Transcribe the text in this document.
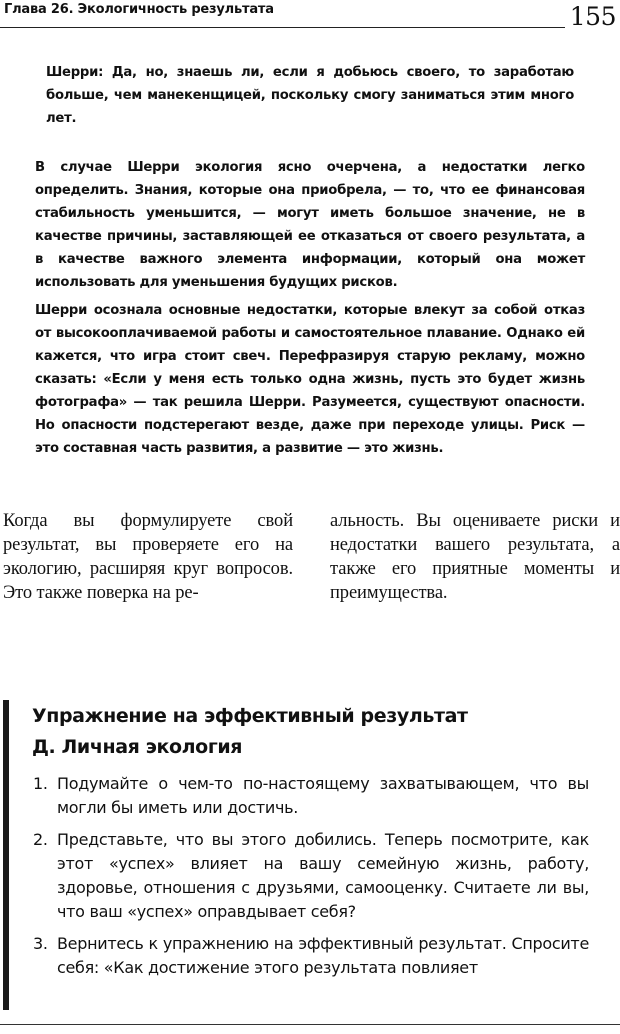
Глава 26. Экологичность результата	155
Шерри: Да, но, знаешь ли, если я добьюсь своего, то заработаю больше, чем манекенщицей, поскольку смогу заниматься этим много лет.
В случае Шерри экология ясно очерчена, а недостатки легко определить. Знания, которые она приобрела, — то, что ее финансовая стабильность уменьшится, — могут иметь большое значение, не в качестве причины, заставляющей ее отказаться от своего результата, а в качестве важного элемента информации, который она может использовать для уменьшения будущих рисков.
Шерри осознала основные недостатки, которые влекут за собой отказ от высокооплачиваемой работы и самостоятельное плавание. Однако ей кажется, что игра стоит свеч. Перефразируя старую рекламу, можно сказать: «Если у меня есть только одна жизнь, пусть это будет жизнь фотографа» — так решила Шерри. Разумеется, существуют опасности. Но опасности подстерегают везде, даже при переходе улицы. Риск — это составная часть развития, а развитие — это жизнь.
Когда вы формулируете свой результат, вы проверяете его на экологию, расширяя круг вопросов. Это также поверка на ре-
альность. Вы оцениваете риски и недостатки вашего результата, а также его приятные моменты и преимущества.
Упражнение на эффективный результат
Д. Личная экология
1. Подумайте о чем-то по-настоящему захватывающем, что вы могли бы иметь или достичь.
2. Представьте, что вы этого добились. Теперь посмотрите, как этот «успех» влияет на вашу семейную жизнь, работу, здоровье, отношения с друзьями, самооценку. Считаете ли вы, что ваш «успех» оправдывает себя?
3. Вернитесь к упражнению на эффективный результат. Спросите себя: «Как достижение этого результата повлияет
